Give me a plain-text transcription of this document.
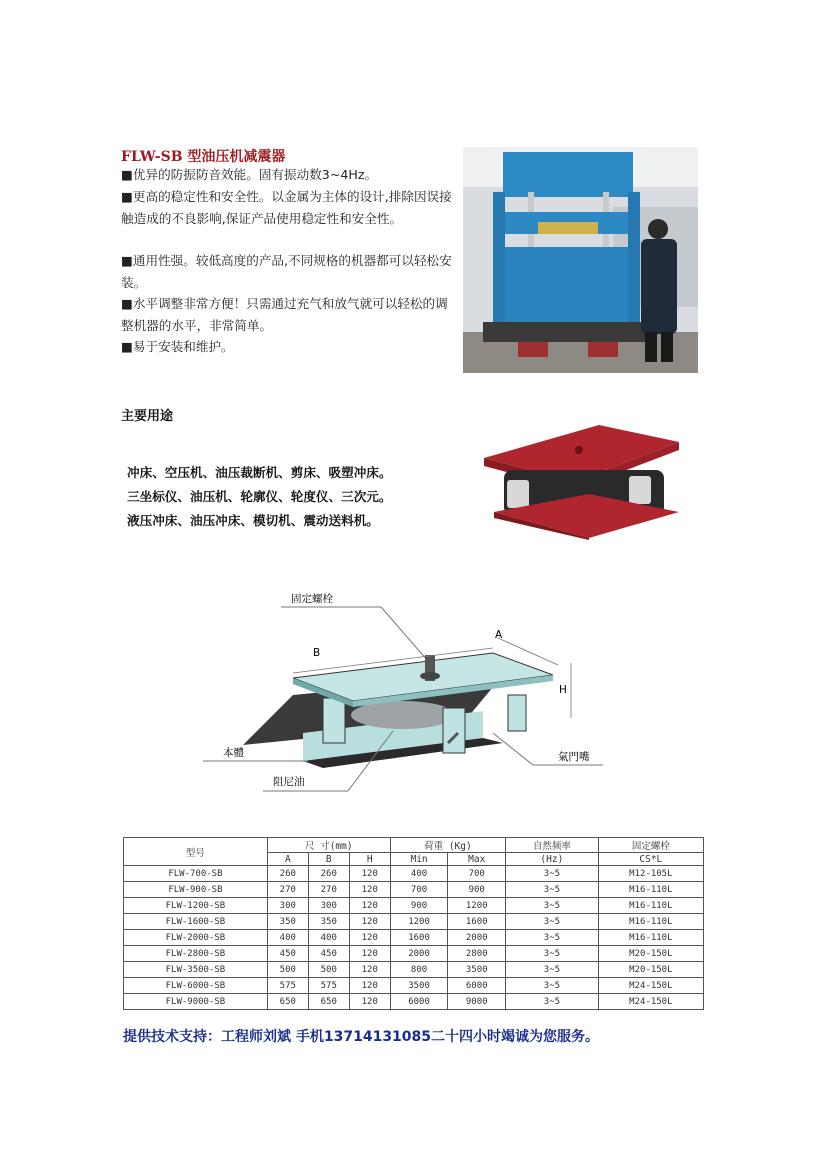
FLW-SB 型油压机减震器
■优异的防振防音效能。固有振动数3~4Hz。
■更高的稳定性和安全性。以金属为主体的设计,排除因误接触造成的不良影响,保证产品使用稳定性和安全性。
■通用性强。较低高度的产品,不同规格的机器都可以轻松安装。
■水平调整非常方便！只需通过充气和放气就可以轻松的调整机器的水平，非常简单。
■易于安装和维护。
主要用途
冲床、空压机、油压裁断机、剪床、吸塑冲床。
三坐标仪、油压机、轮廓仪、轮度仪、三次元。
液压冲床、油压冲床、模切机、震动送料机。
固定螺栓
B
A
H
本體
阻尼油
氣門嘴
型号	尺 寸(mm)			荷重 (Kg)		自然频率	固定螺栓
	A	B	H	Min	Max	(Hz)	CS*L
FLW-700-SB	260	260	120	400	700	3~5	M12-105L
FLW-900-SB	270	270	120	700	900	3~5	M16-110L
FLW-1200-SB	300	300	120	900	1200	3~5	M16-110L
FLW-1600-SB	350	350	120	1200	1600	3~5	M16-110L
FLW-2000-SB	400	400	120	1600	2000	3~5	M16-110L
FLW-2800-SB	450	450	120	2000	2800	3~5	M20-150L
FLW-3500-SB	500	500	120	800	3500	3~5	M20-150L
FLW-6000-SB	575	575	120	3500	6000	3~5	M24-150L
FLW-9000-SB	650	650	120	6000	9000	3~5	M24-150L
提供技术支持：工程师刘斌 手机13714131085二十四小时竭诚为您服务。
